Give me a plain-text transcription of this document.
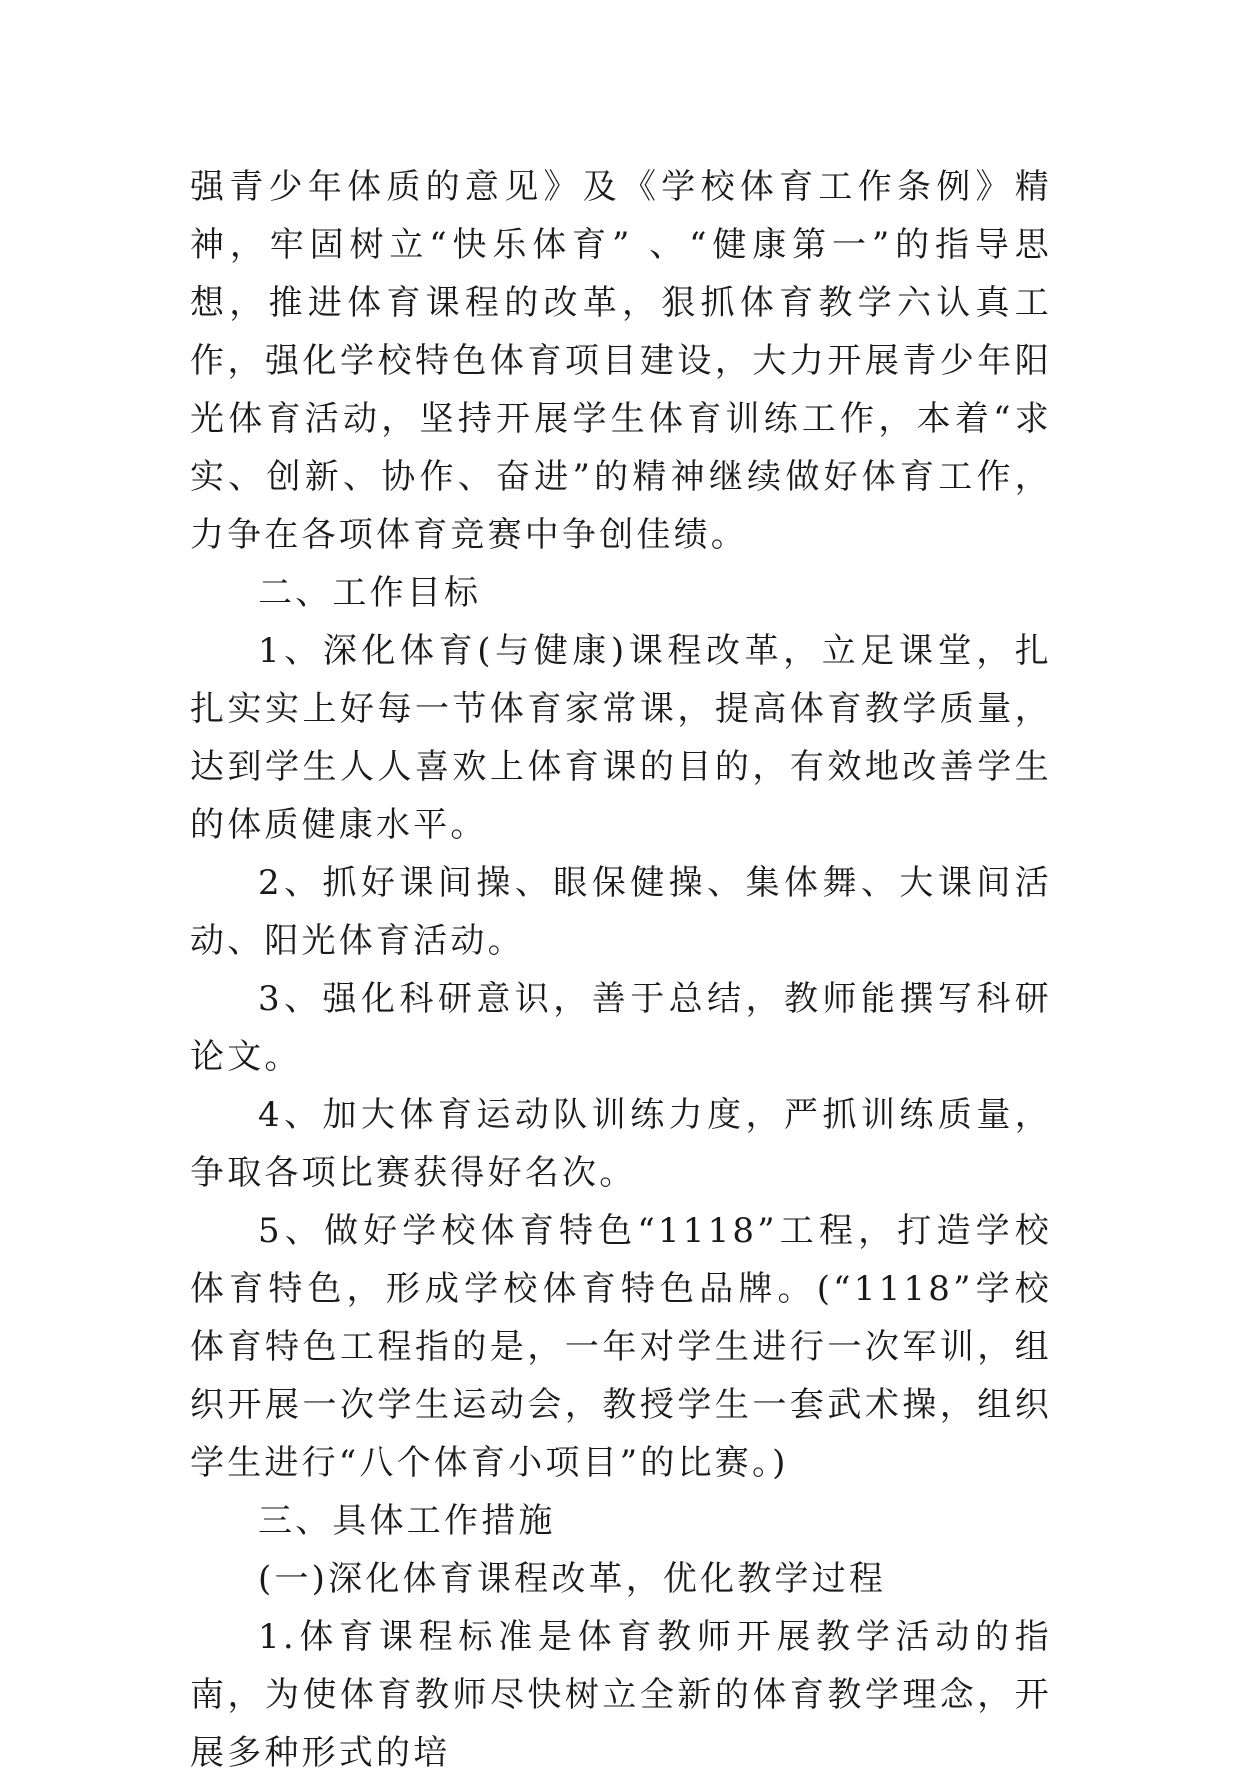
强青少年体质的意见》及《学校体育工作条例》精神，牢固树立“快乐体育” 、“健康第一”的指导思想，推进体育课程的改革，狠抓体育教学六认真工作，强化学校特色体育项目建设，大力开展青少年阳光体育活动，坚持开展学生体育训练工作，本着“求实、创新、协作、奋进”的精神继续做好体育工作，力争在各项体育竞赛中争创佳绩。

二、工作目标

1、深化体育(与健康)课程改革，立足课堂，扎扎实实上好每一节体育家常课，提高体育教学质量，达到学生人人喜欢上体育课的目的，有效地改善学生的体质健康水平。

2、抓好课间操、眼保健操、集体舞、大课间活动、阳光体育活动。

3、强化科研意识，善于总结，教师能撰写科研论文。

4、加大体育运动队训练力度，严抓训练质量，争取各项比赛获得好名次。

5、做好学校体育特色“1118”工程，打造学校体育特色，形成学校体育特色品牌。(“1118”学校体育特色工程指的是，一年对学生进行一次军训，组织开展一次学生运动会，教授学生一套武术操，组织学生进行“八个体育小项目”的比赛。)

三、具体工作措施

(一)深化体育课程改革，优化教学过程

1.体育课程标准是体育教师开展教学活动的指南，为使体育教师尽快树立全新的体育教学理念，开展多种形式的培
